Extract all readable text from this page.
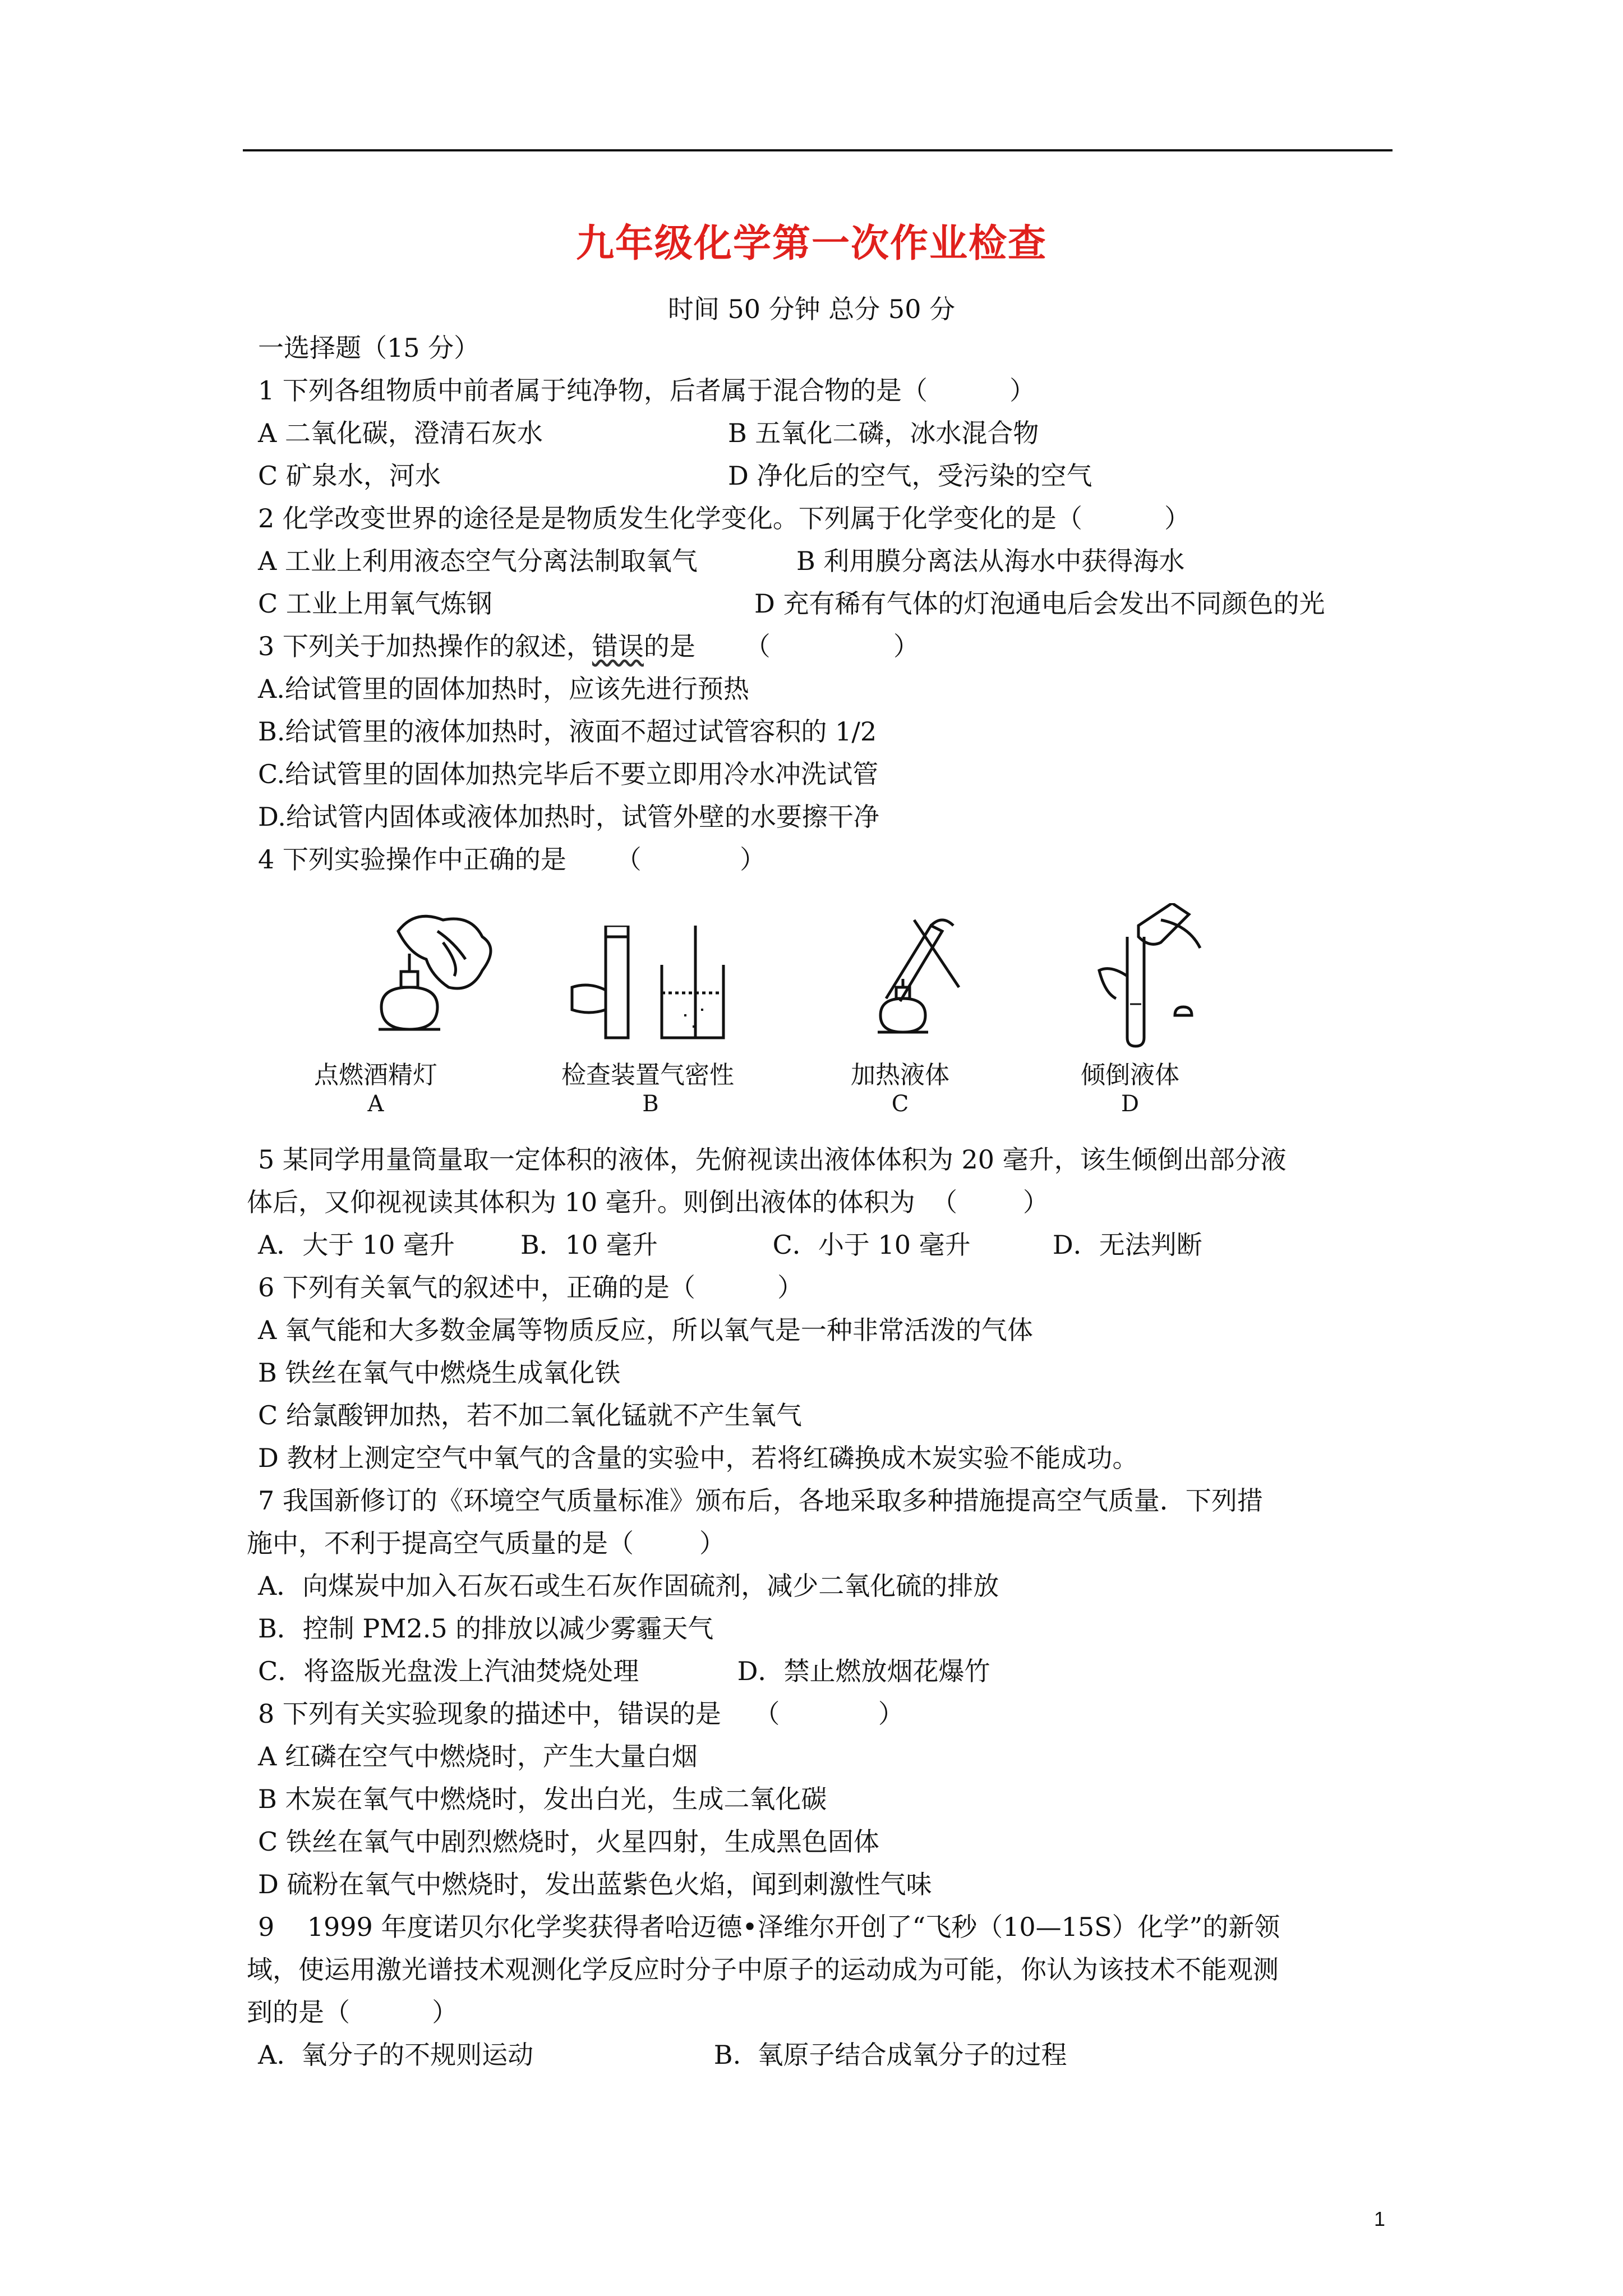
九年级化学第一次作业检查
时间 50 分钟 总分 50 分
一选择题（15 分）
1 下列各组物质中前者属于纯净物，后者属于混合物的是（          ）
A 二氧化碳，澄清石灰水	B 五氧化二磷，冰水混合物
C 矿泉水，河水	D 净化后的空气，受污染的空气
2 化学改变世界的途径是是物质发生化学变化。下列属于化学变化的是（          ）
A 工业上利用液态空气分离法制取氧气	B 利用膜分离法从海水中获得海水
C 工业上用氧气炼钢	D 充有稀有气体的灯泡通电后会发出不同颜色的光
3 下列关于加热操作的叙述，错误的是      （               ）
A.给试管里的固体加热时，应该先进行预热
B.给试管里的液体加热时，液面不超过试管容积的 1/2
C.给试管里的固体加热完毕后不要立即用冷水冲洗试管
D.给试管内固体或液体加热时，试管外壁的水要擦干净
4 下列实验操作中正确的是      （            ）
点燃酒精灯
A
检查装置气密性
B
加热液体
C
倾倒液体
D
5 某同学用量筒量取一定体积的液体，先俯视读出液体体积为 20 毫升，该生倾倒出部分液
体后，又仰视视读其体积为 10 毫升。则倒出液体的体积为  （        ）
A．大于 10 毫升        B．10 毫升              C．小于 10 毫升          D．无法判断
6 下列有关氧气的叙述中，正确的是（          ）
A 氧气能和大多数金属等物质反应，所以氧气是一种非常活泼的气体
B 铁丝在氧气中燃烧生成氧化铁
C 给氯酸钾加热，若不加二氧化锰就不产生氧气
D 教材上测定空气中氧气的含量的实验中，若将红磷换成木炭实验不能成功。
7 我国新修订的《环境空气质量标准》颁布后，各地采取多种措施提高空气质量．下列措
施中，不利于提高空气质量的是（        ）
A．向煤炭中加入石灰石或生石灰作固硫剂，减少二氧化硫的排放
B．控制 PM2.5 的排放以减少雾霾天气
C．将盗版光盘泼上汽油焚烧处理            D．禁止燃放烟花爆竹
8 下列有关实验现象的描述中，错误的是    （            ）
A 红磷在空气中燃烧时，产生大量白烟
B 木炭在氧气中燃烧时，发出白光，生成二氧化碳
C 铁丝在氧气中剧烈燃烧时，火星四射，生成黑色固体
D 硫粉在氧气中燃烧时，发出蓝紫色火焰，闻到刺激性气味
9    1999 年度诺贝尔化学奖获得者哈迈德•泽维尔开创了“飞秒（10—15S）化学”的新领
域，使运用激光谱技术观测化学反应时分子中原子的运动成为可能，你认为该技术不能观测
到的是（          ）
A.  氧分子的不规则运动                      B.  氧原子结合成氧分子的过程
1
